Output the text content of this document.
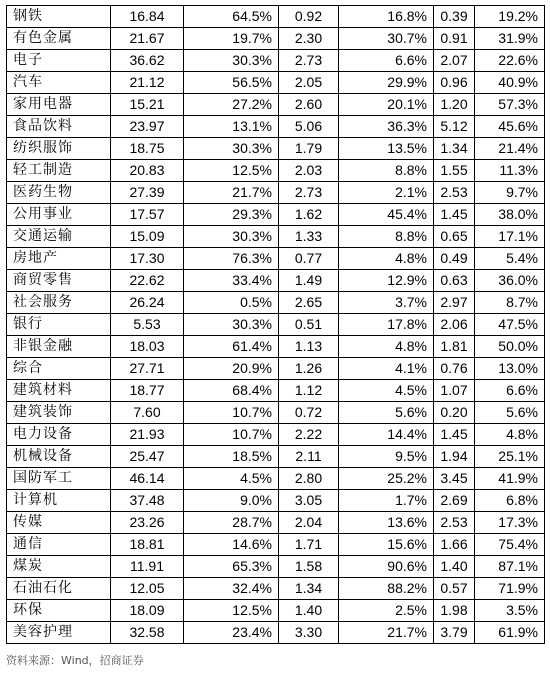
钢铁	16.84	64.5%	0.92	16.8%	0.39	19.2%
有色金属	21.67	19.7%	2.30	30.7%	0.91	31.9%
电子	36.62	30.3%	2.73	6.6%	2.07	22.6%
汽车	21.12	56.5%	2.05	29.9%	0.96	40.9%
家用电器	15.21	27.2%	2.60	20.1%	1.20	57.3%
食品饮料	23.97	13.1%	5.06	36.3%	5.12	45.6%
纺织服饰	18.75	30.3%	1.79	13.5%	1.34	21.4%
轻工制造	20.83	12.5%	2.03	8.8%	1.55	11.3%
医药生物	27.39	21.7%	2.73	2.1%	2.53	9.7%
公用事业	17.57	29.3%	1.62	45.4%	1.45	38.0%
交通运输	15.09	30.3%	1.33	8.8%	0.65	17.1%
房地产	17.30	76.3%	0.77	4.8%	0.49	5.4%
商贸零售	22.62	33.4%	1.49	12.9%	0.63	36.0%
社会服务	26.24	0.5%	2.65	3.7%	2.97	8.7%
银行	5.53	30.3%	0.51	17.8%	2.06	47.5%
非银金融	18.03	61.4%	1.13	4.8%	1.81	50.0%
综合	27.71	20.9%	1.26	4.1%	0.76	13.0%
建筑材料	18.77	68.4%	1.12	4.5%	1.07	6.6%
建筑装饰	7.60	10.7%	0.72	5.6%	0.20	5.6%
电力设备	21.93	10.7%	2.22	14.4%	1.45	4.8%
机械设备	25.47	18.5%	2.11	9.5%	1.94	25.1%
国防军工	46.14	4.5%	2.80	25.2%	3.45	41.9%
计算机	37.48	9.0%	3.05	1.7%	2.69	6.8%
传媒	23.26	28.7%	2.04	13.6%	2.53	17.3%
通信	18.81	14.6%	1.71	15.6%	1.66	75.4%
煤炭	11.91	65.3%	1.58	90.6%	1.40	87.1%
石油石化	12.05	32.4%	1.34	88.2%	0.57	71.9%
环保	18.09	12.5%	1.40	2.5%	1.98	3.5%
美容护理	32.58	23.4%	3.30	21.7%	3.79	61.9%
资料来源：Wind，招商证券
